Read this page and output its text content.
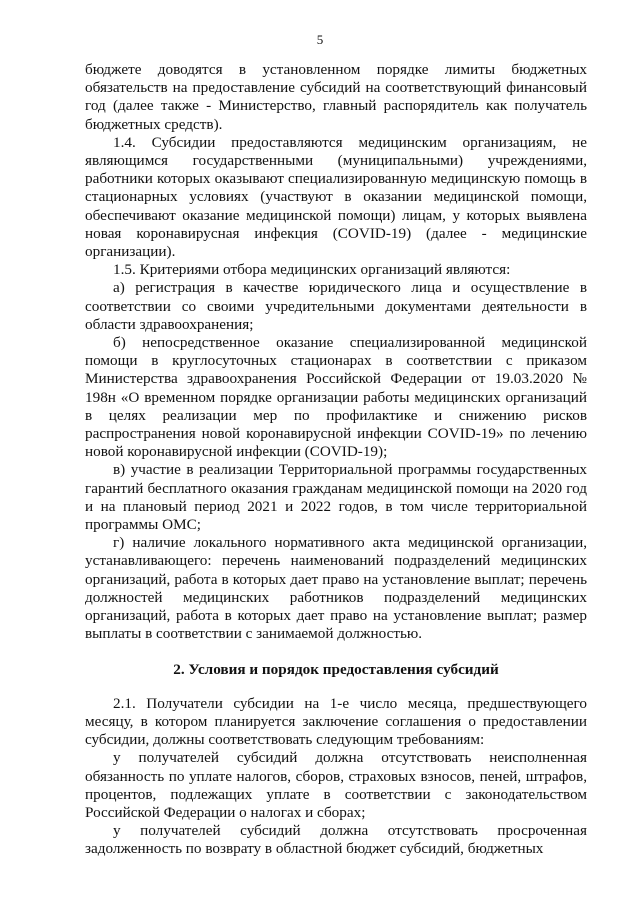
5

бюджете доводятся в установленном порядке лимиты бюджетных обязательств на предоставление субсидий на соответствующий финансовый год (далее также - Министерство, главный распорядитель как получатель бюджетных средств).

1.4. Субсидии предоставляются медицинским организациям, не являющимся государственными (муниципальными) учреждениями, работники которых оказывают специализированную медицинскую помощь в стационарных условиях (участвуют в оказании медицинской помощи, обеспечивают оказание медицинской помощи) лицам, у которых выявлена новая коронавирусная инфекция (COVID-19) (далее - медицинские организации).

1.5. Критериями отбора медицинских организаций являются:

а) регистрация в качестве юридического лица и осуществление в соответствии со своими учредительными документами деятельности в области здравоохранения;

б) непосредственное оказание специализированной медицинской помощи в круглосуточных стационарах в соответствии с приказом Министерства здравоохранения Российской Федерации от 19.03.2020 № 198н «О временном порядке организации работы медицинских организаций в целях реализации мер по профилактике и снижению рисков распространения новой коронавирусной инфекции COVID-19» по лечению новой коронавирусной инфекции (COVID-19);

в) участие в реализации Территориальной программы государственных гарантий бесплатного оказания гражданам медицинской помощи на 2020 год и на плановый период 2021 и 2022 годов, в том числе территориальной программы ОМС;

г) наличие локального нормативного акта медицинской организации, устанавливающего: перечень наименований подразделений медицинских организаций, работа в которых дает право на установление выплат; перечень должностей медицинских работников подразделений медицинских организаций, работа в которых дает право на установление выплат; размер выплаты в соответствии с занимаемой должностью.

2. Условия и порядок предоставления субсидий

2.1. Получатели субсидии на 1-е число месяца, предшествующего месяцу, в котором планируется заключение соглашения о предоставлении субсидии, должны соответствовать следующим требованиям:

у получателей субсидий должна отсутствовать неисполненная обязанность по уплате налогов, сборов, страховых взносов, пеней, штрафов, процентов, подлежащих уплате в соответствии с законодательством Российской Федерации о налогах и сборах;

у получателей субсидий должна отсутствовать просроченная задолженность по возврату в областной бюджет субсидий, бюджетных
